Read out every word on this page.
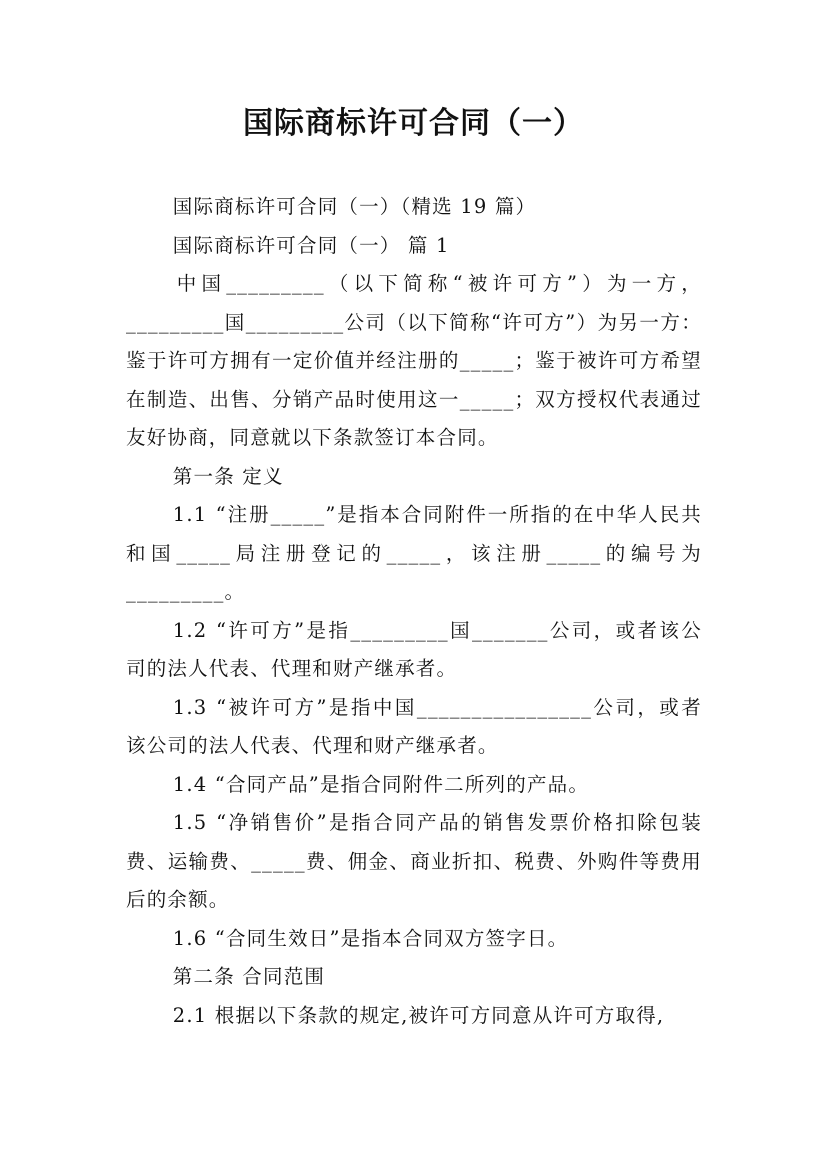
国际商标许可合同（一）

国际商标许可合同（一）（精选 19 篇）

国际商标许可合同（一） 篇 1

中国_________（以下简称“被许可方”）为一方，_________国_________公司（以下简称“许可方”）为另一方：鉴于许可方拥有一定价值并经注册的_____；鉴于被许可方希望在制造、出售、分销产品时使用这一_____；双方授权代表通过友好协商，同意就以下条款签订本合同。

第一条 定义

1.1 “注册_____”是指本合同附件一所指的在中华人民共和国_____局注册登记的_____，该注册_____的编号为_________。

1.2 “许可方”是指_________国_______公司，或者该公司的法人代表、代理和财产继承者。

1.3 “被许可方”是指中国________________公司，或者该公司的法人代表、代理和财产继承者。

1.4 “合同产品”是指合同附件二所列的产品。

1.5 “净销售价”是指合同产品的销售发票价格扣除包装费、运输费、_____费、佣金、商业折扣、税费、外购件等费用后的余额。

1.6 “合同生效日”是指本合同双方签字日。

第二条 合同范围

2.1 根据以下条款的规定,被许可方同意从许可方取得,
